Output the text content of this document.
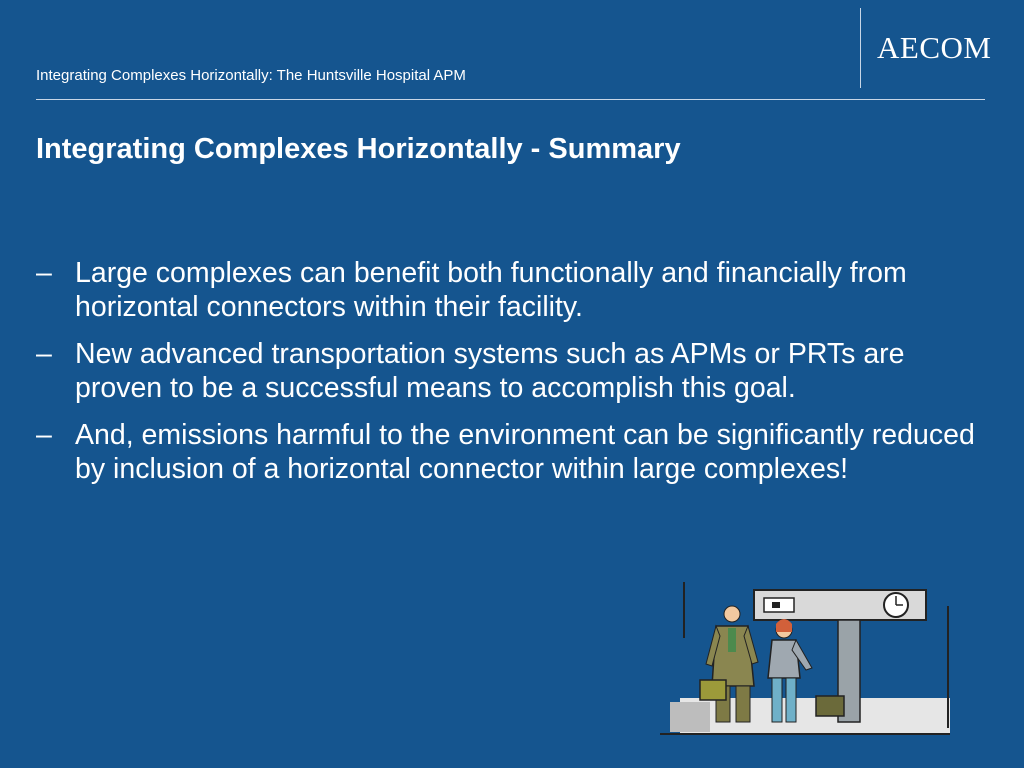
Integrating Complexes Horizontally: The Huntsville Hospital APM
AECOM
Integrating Complexes Horizontally - Summary
– Large complexes can benefit both functionally and financially from horizontal connectors within their facility.
– New advanced transportation systems such as APMs or PRTs are proven to be a successful means to accomplish this goal.
– And, emissions harmful to the environment can be significantly reduced by inclusion of a horizontal connector within large complexes!
